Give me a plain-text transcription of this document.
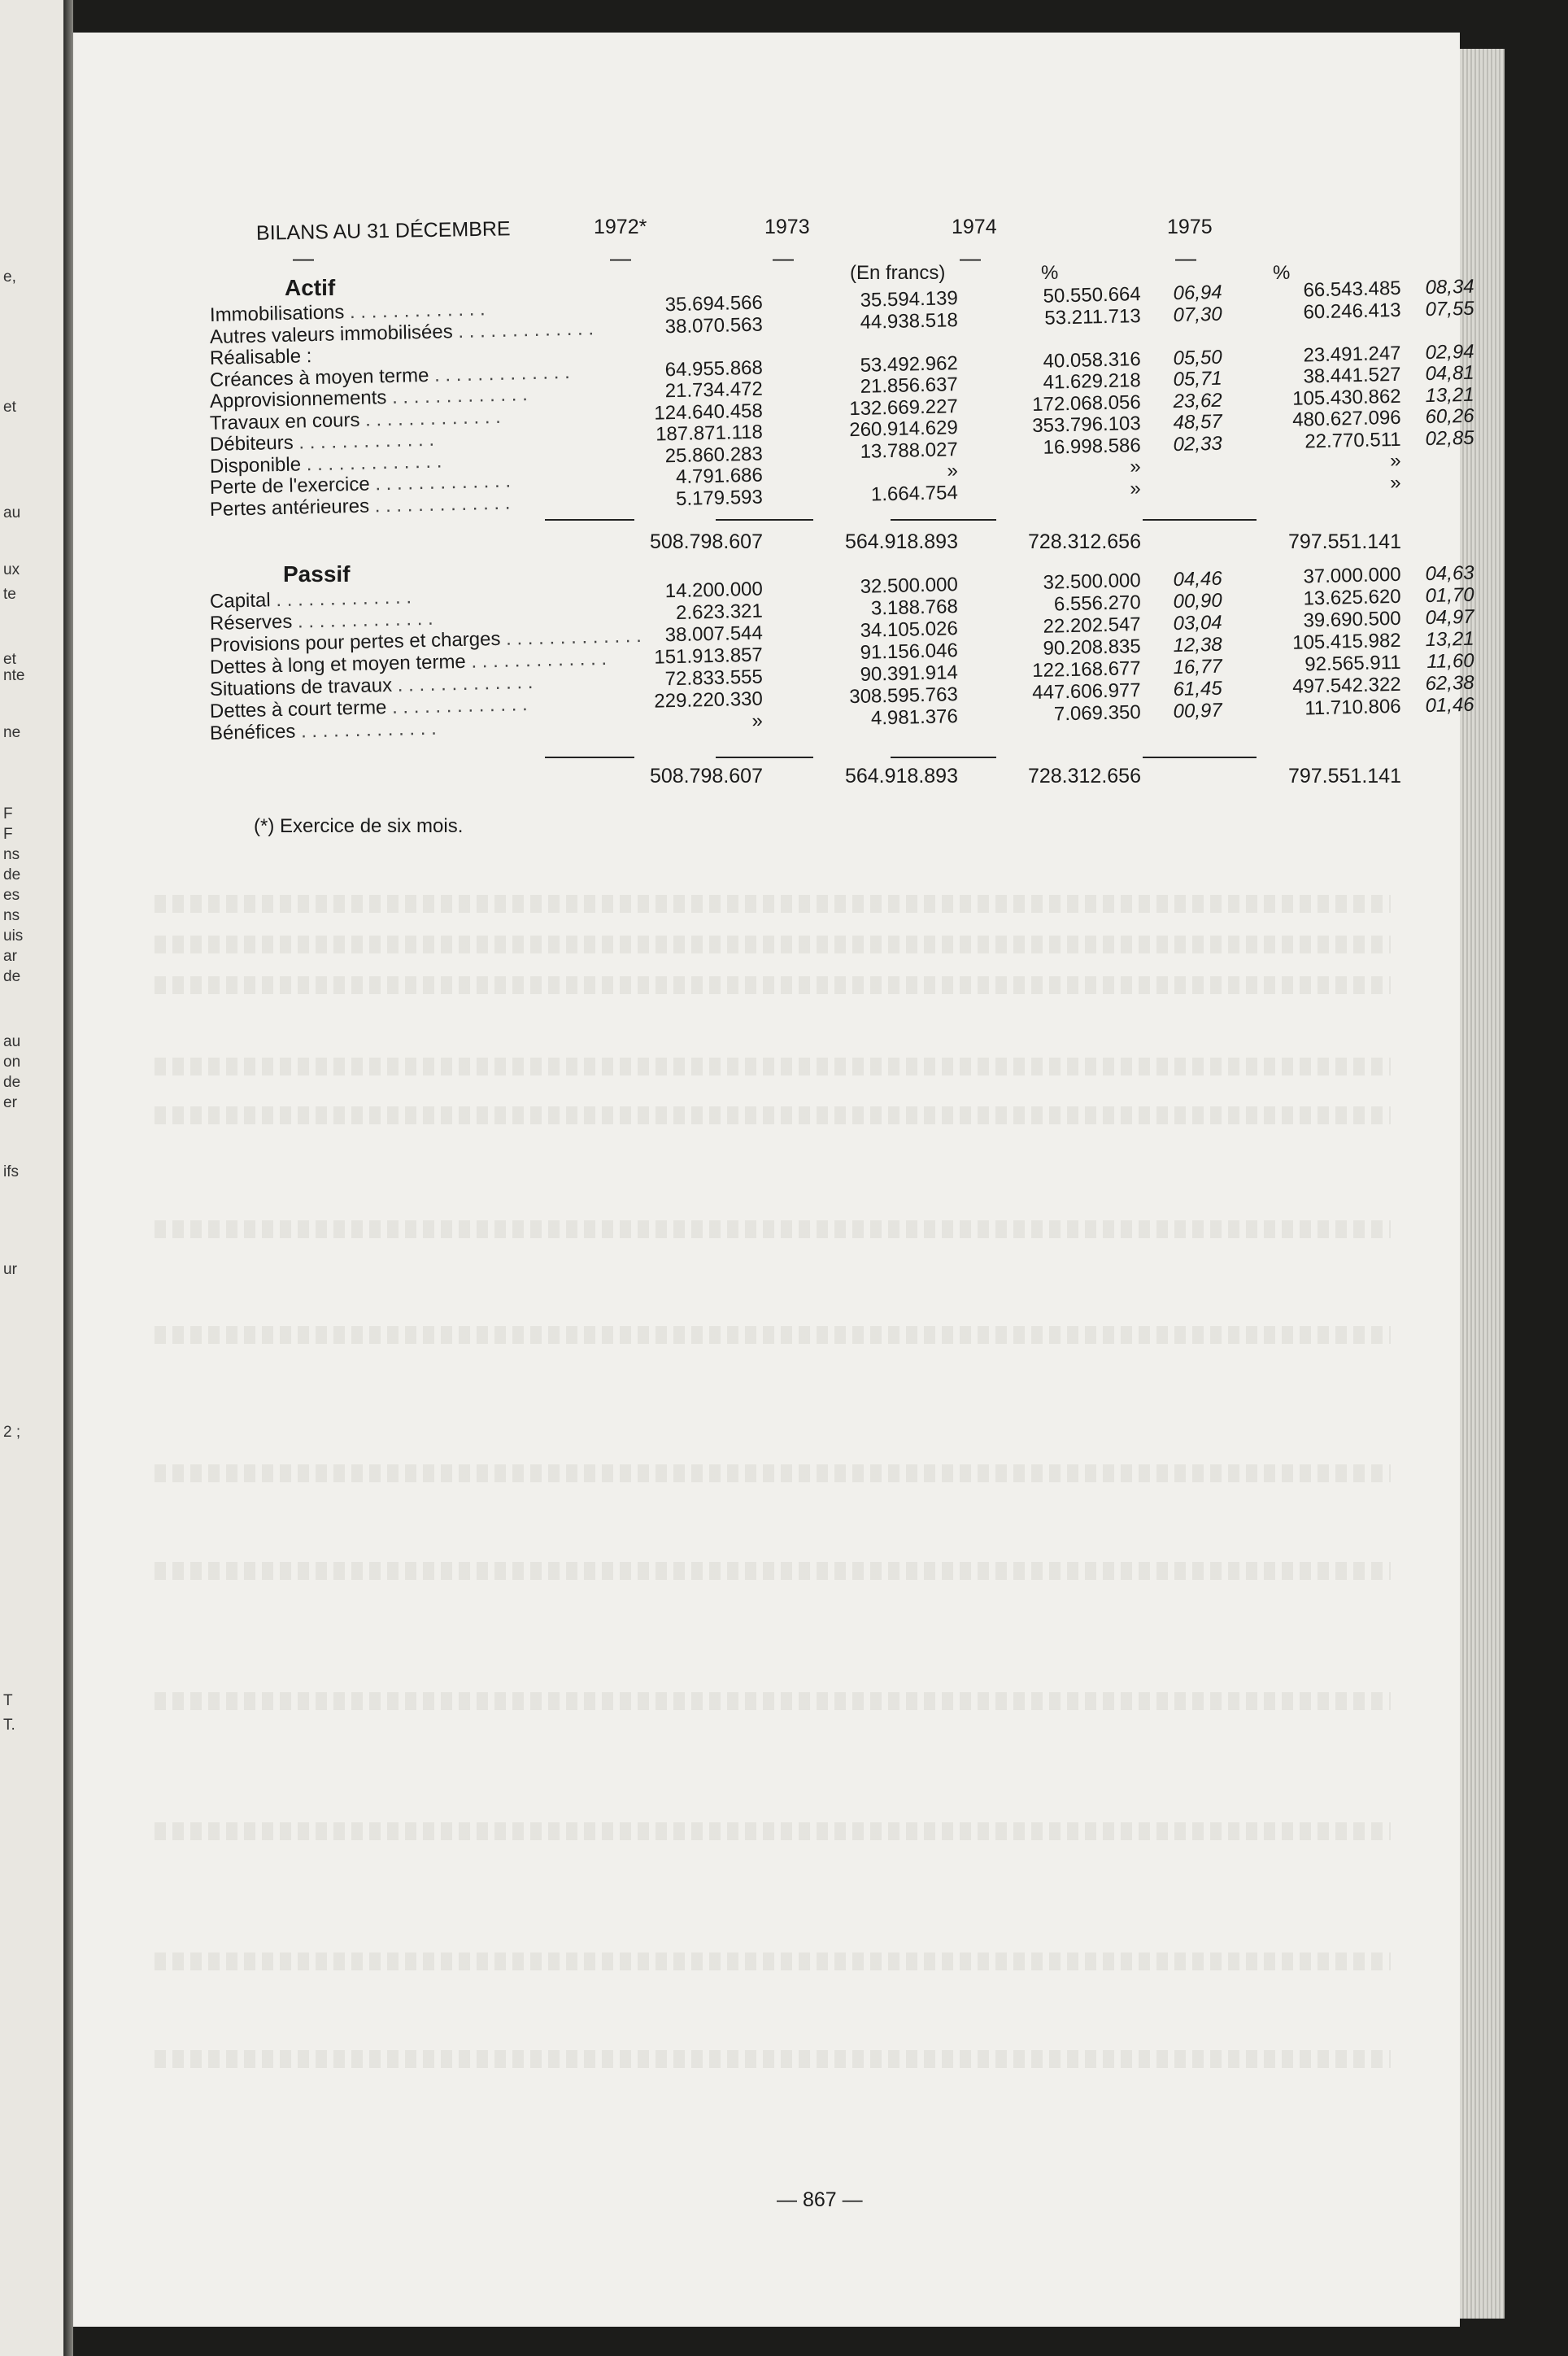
e,
et
au
ux
te
et
nte
ne
F
F
ns
de
es
ns
uis
ar
de
au
on
de
er
ifs
ur
2 ;
T
T.
BILANS AU 31 DÉCEMBRE	1972*	1973	1974	1975
—	—	—	—	—
(En francs)	%	%
Actif
Immobilisations . . . . . . . . . . . . .	35.694.566	35.594.139	50.550.664	06,94	66.543.485	08,34
Autres valeurs immobilisées . . . . . . . . . . . . .	38.070.563	44.938.518	53.211.713	07,30	60.246.413	07,55
Réalisable :
Créances à moyen terme . . . . . . . . . . . . .	64.955.868	53.492.962	40.058.316	05,50	23.491.247	02,94
Approvisionnements . . . . . . . . . . . . .	21.734.472	21.856.637	41.629.218	05,71	38.441.527	04,81
Travaux en cours . . . . . . . . . . . . .	124.640.458	132.669.227	172.068.056	23,62	105.430.862	13,21
Débiteurs . . . . . . . . . . . . .	187.871.118	260.914.629	353.796.103	48,57	480.627.096	60,26
Disponible . . . . . . . . . . . . .	25.860.283	13.788.027	16.998.586	02,33	22.770.511	02,85
Perte de l'exercice . . . . . . . . . . . . .	4.791.686	»	»	»
Pertes antérieures . . . . . . . . . . . . .	5.179.593	1.664.754	»	»
508.798.607	564.918.893	728.312.656	797.551.141
Passif
Capital . . . . . . . . . . . . .	14.200.000	32.500.000	32.500.000	04,46	37.000.000	04,63
Réserves . . . . . . . . . . . . .	2.623.321	3.188.768	6.556.270	00,90	13.625.620	01,70
Provisions pour pertes et charges . . . . . . . . . . . . .	38.007.544	34.105.026	22.202.547	03,04	39.690.500	04,97
Dettes à long et moyen terme . . . . . . . . . . . . .	151.913.857	91.156.046	90.208.835	12,38	105.415.982	13,21
Situations de travaux . . . . . . . . . . . . .	72.833.555	90.391.914	122.168.677	16,77	92.565.911	11,60
Dettes à court terme . . . . . . . . . . . . .	229.220.330	308.595.763	447.606.977	61,45	497.542.322	62,38
Bénéfices . . . . . . . . . . . . .	»	4.981.376	7.069.350	00,97	11.710.806	01,46
508.798.607	564.918.893	728.312.656	797.551.141
(*) Exercice de six mois.
— 867 —
